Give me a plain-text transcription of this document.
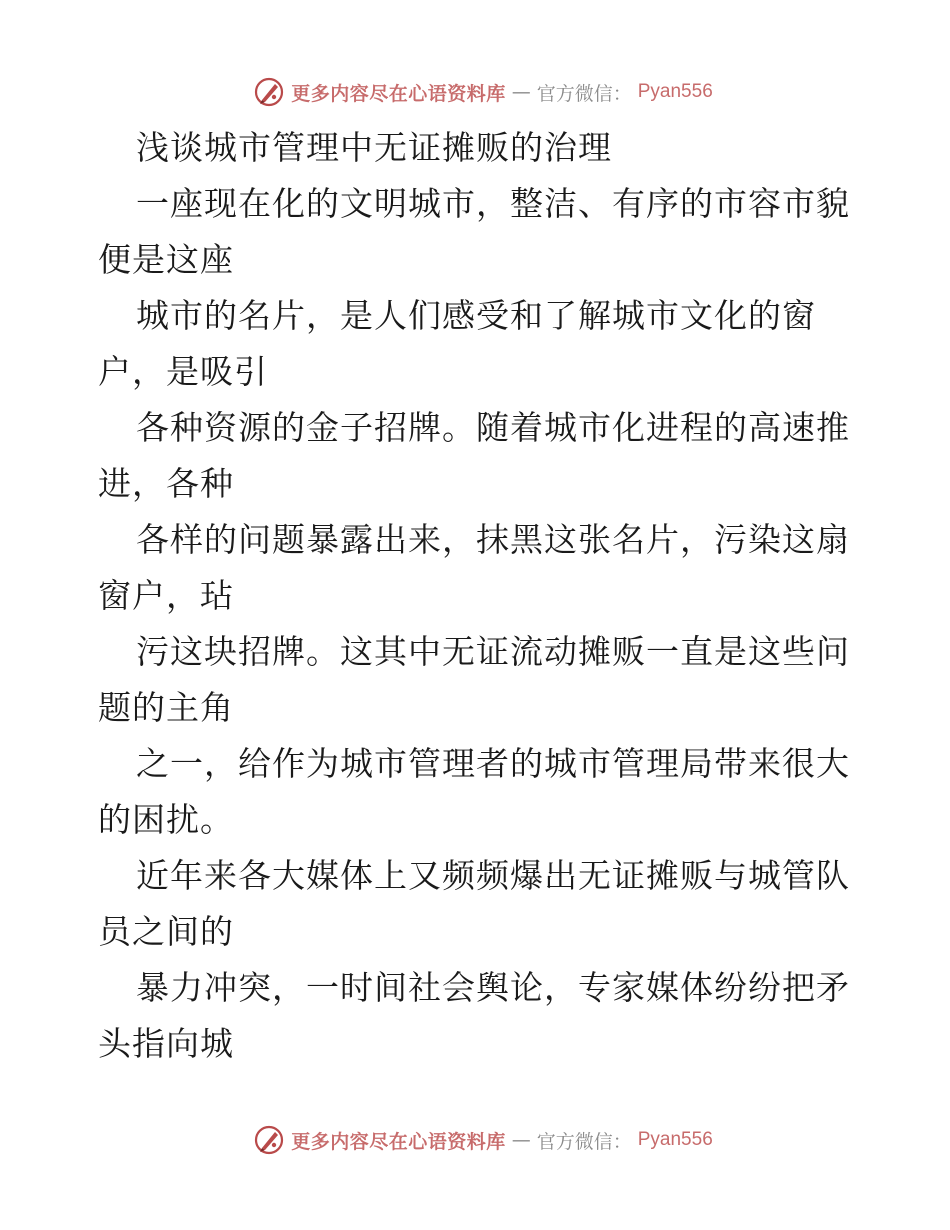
更多内容尽在心语资料库 — 官方微信： Pyan556

浅谈城市管理中无证摊贩的治理

一座现在化的文明城市，整洁、有序的市容市貌

便是这座

城市的名片，是人们感受和了解城市文化的窗

户，是吸引

各种资源的金子招牌。随着城市化进程的高速推

进，各种

各样的问题暴露出来，抹黑这张名片，污染这扇

窗户，玷

污这块招牌。这其中无证流动摊贩一直是这些问

题的主角

之一，给作为城市管理者的城市管理局带来很大

的困扰。

近年来各大媒体上又频频爆出无证摊贩与城管队

员之间的

暴力冲突，一时间社会舆论，专家媒体纷纷把矛

头指向城

更多内容尽在心语资料库 — 官方微信： Pyan556
